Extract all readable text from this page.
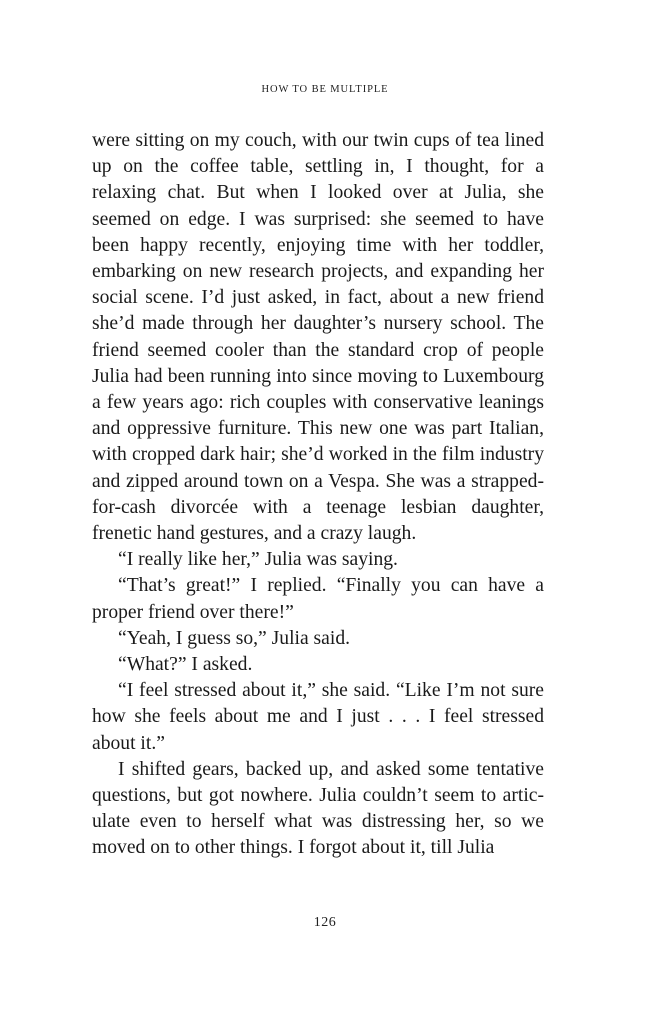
HOW TO BE MULTIPLE

were sitting on my couch, with our twin cups of tea lined up on the coffee table, settling in, I thought, for a relaxing chat. But when I looked over at Julia, she seemed on edge. I was surprised: she seemed to have been happy recently, enjoying time with her toddler, embarking on new research projects, and expanding her social scene. I’d just asked, in fact, about a new friend she’d made through her daughter’s nursery school. The friend seemed cooler than the standard crop of people Julia had been running into since moving to Luxembourg a few years ago: rich couples with conservative leanings and oppressive furniture. This new one was part Italian, with cropped dark hair; she’d worked in the film industry and zipped around town on a Vespa. She was a strapped-for-cash divorcée with a teenage lesbian daughter, frenetic hand gestures, and a crazy laugh.

“I really like her,” Julia was saying.

“That’s great!” I replied. “Finally you can have a proper friend over there!”

“Yeah, I guess so,” Julia said.

“What?” I asked.

“I feel stressed about it,” she said. “Like I’m not sure how she feels about me and I just . . . I feel stressed about it.”

I shifted gears, backed up, and asked some tentative questions, but got nowhere. Julia couldn’t seem to articulate even to herself what was distressing her, so we moved on to other things. I forgot about it, till Julia

126
